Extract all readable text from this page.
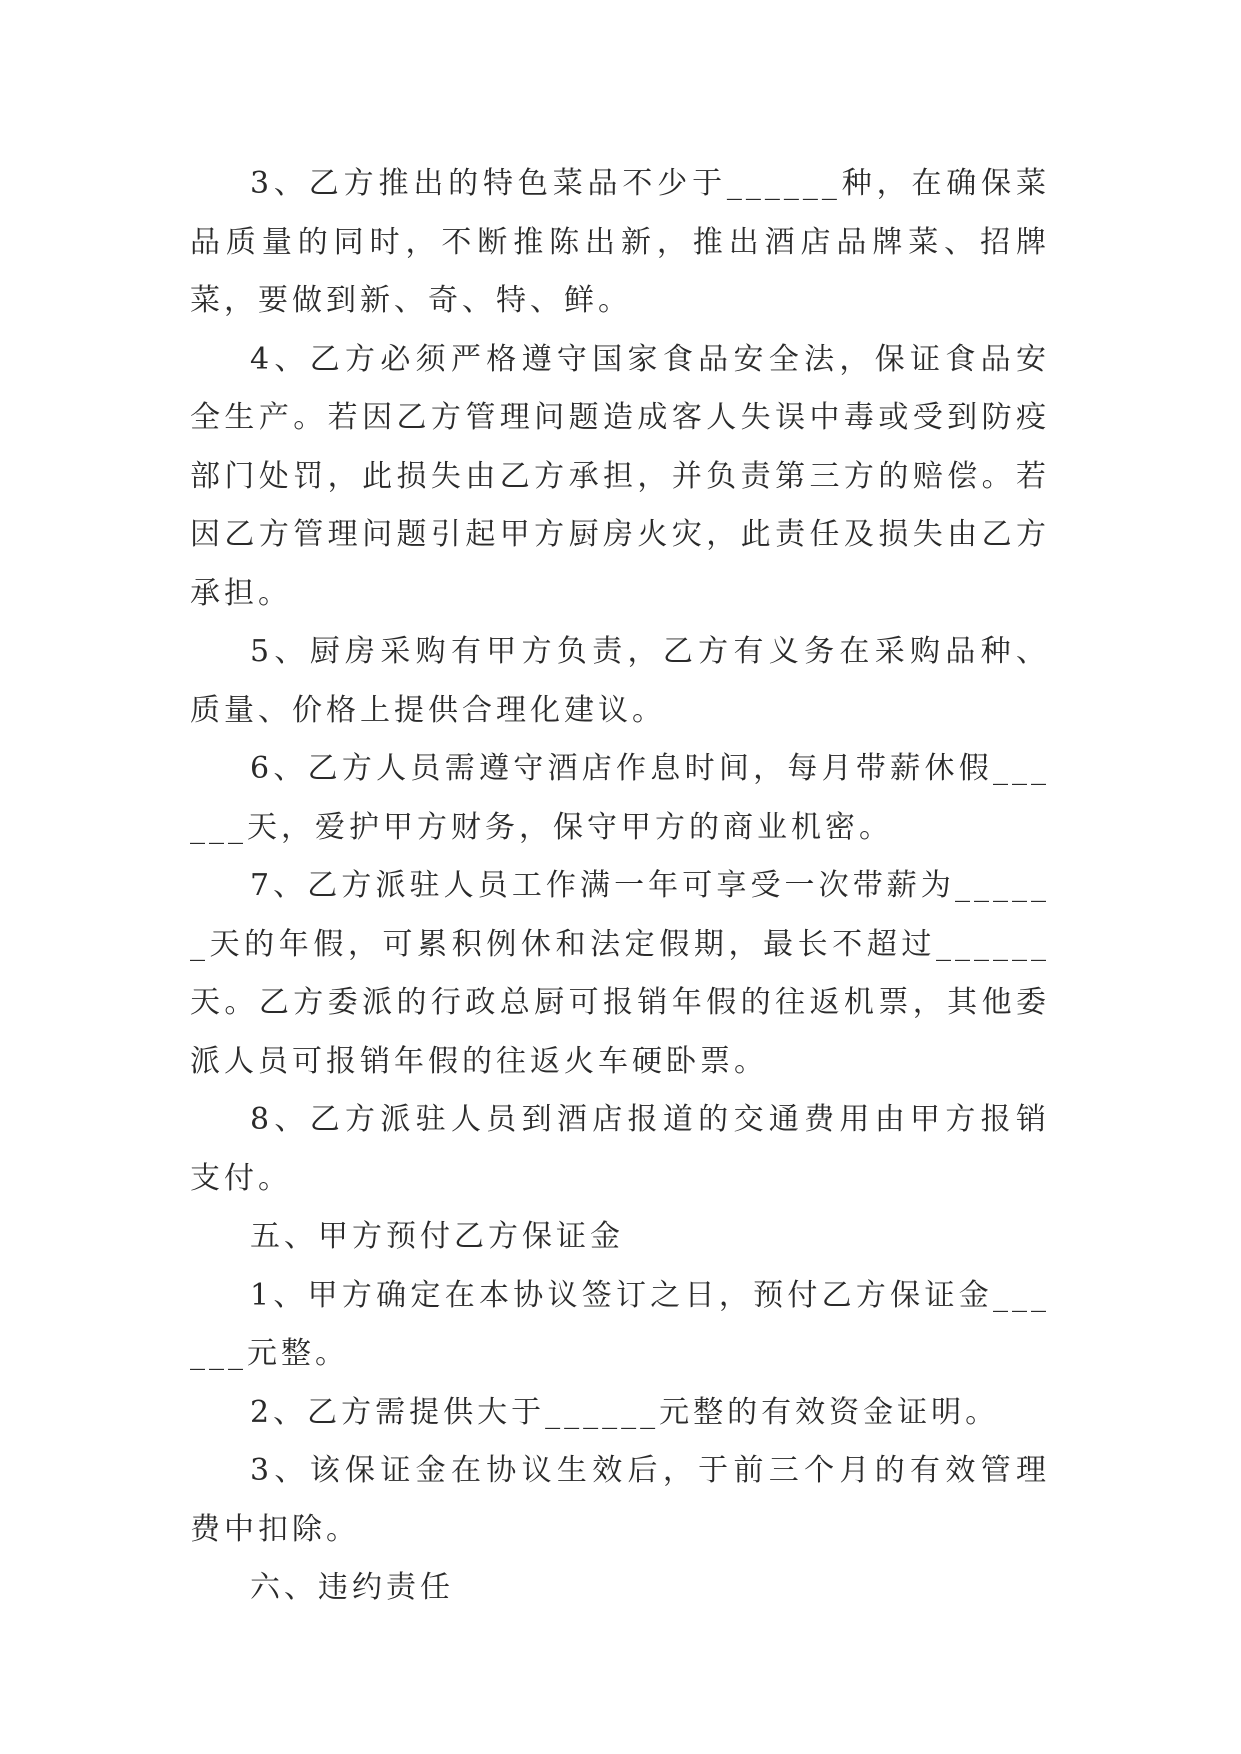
3、乙方推出的特色菜品不少于______种，在确保菜品质量的同时，不断推陈出新，推出酒店品牌菜、招牌菜，要做到新、奇、特、鲜。

4、乙方必须严格遵守国家食品安全法，保证食品安全生产。若因乙方管理问题造成客人失误中毒或受到防疫部门处罚，此损失由乙方承担，并负责第三方的赔偿。若因乙方管理问题引起甲方厨房火灾，此责任及损失由乙方承担。

5、厨房采购有甲方负责，乙方有义务在采购品种、质量、价格上提供合理化建议。

6、乙方人员需遵守酒店作息时间，每月带薪休假______天，爱护甲方财务，保守甲方的商业机密。

7、乙方派驻人员工作满一年可享受一次带薪为______天的年假，可累积例休和法定假期，最长不超过______天。乙方委派的行政总厨可报销年假的往返机票，其他委派人员可报销年假的往返火车硬卧票。

8、乙方派驻人员到酒店报道的交通费用由甲方报销支付。

五、甲方预付乙方保证金

1、甲方确定在本协议签订之日，预付乙方保证金______元整。

2、乙方需提供大于______元整的有效资金证明。

3、该保证金在协议生效后，于前三个月的有效管理费中扣除。

六、违约责任
